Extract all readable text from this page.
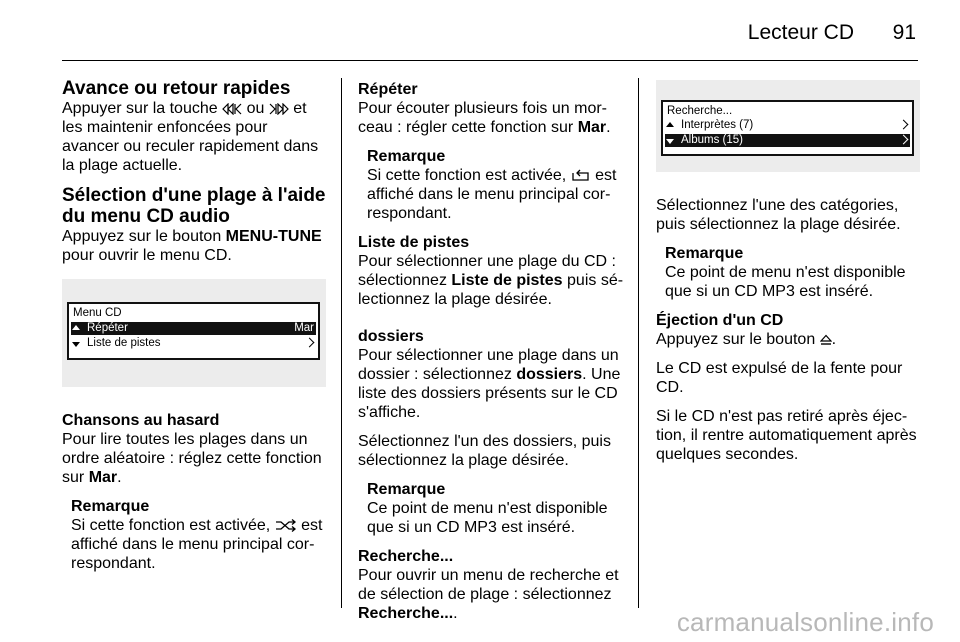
Lecteur CD 91
Avance ou retour rapides

Appuyer sur la touche ou et les maintenir enfoncées pour avancer ou reculer rapidement dans la plage actuelle.

Sélection d'une plage à l'aide du menu CD audio

Appuyez sur le bouton MENU-TUNE pour ouvrir le menu CD.

Menu CD
Répéter	Mar
Liste de pistes
Chansons au hasard

Pour lire toutes les plages dans un ordre aléatoire : réglez cette fonction sur Mar.

Remarque
Si cette fonction est activée, est affiché dans le menu principal cor-respondant.
Répéter

Pour écouter plusieurs fois un mor-ceau : régler cette fonction sur Mar.

Remarque
Si cette fonction est activée, est affiché dans le menu principal cor-respondant.
Liste de pistes

Pour sélectionner une plage du CD : sélectionnez Liste de pistes puis sé-lectionnez la plage désirée.

dossiers

Pour sélectionner une plage dans un dossier : sélectionnez dossiers. Une liste des dossiers présents sur le CD s'affiche.

Sélectionnez l'un des dossiers, puis sélectionnez la plage désirée.

Remarque
Ce point de menu n'est disponible que si un CD MP3 est inséré.
Recherche...

Pour ouvrir un menu de recherche et de sélection de plage : sélectionnez Recherche....

Recherche...
Interprètes (7)
Albums (15)

Sélectionnez l'une des catégories, puis sélectionnez la plage désirée.

Remarque
Ce point de menu n'est disponible que si un CD MP3 est inséré.
Éjection d'un CD

Appuyez sur le bouton .

Le CD est expulsé de la fente pour CD.

Si le CD n'est pas retiré après éjec-tion, il rentre automatiquement après quelques secondes.

carmanualsonline.info
